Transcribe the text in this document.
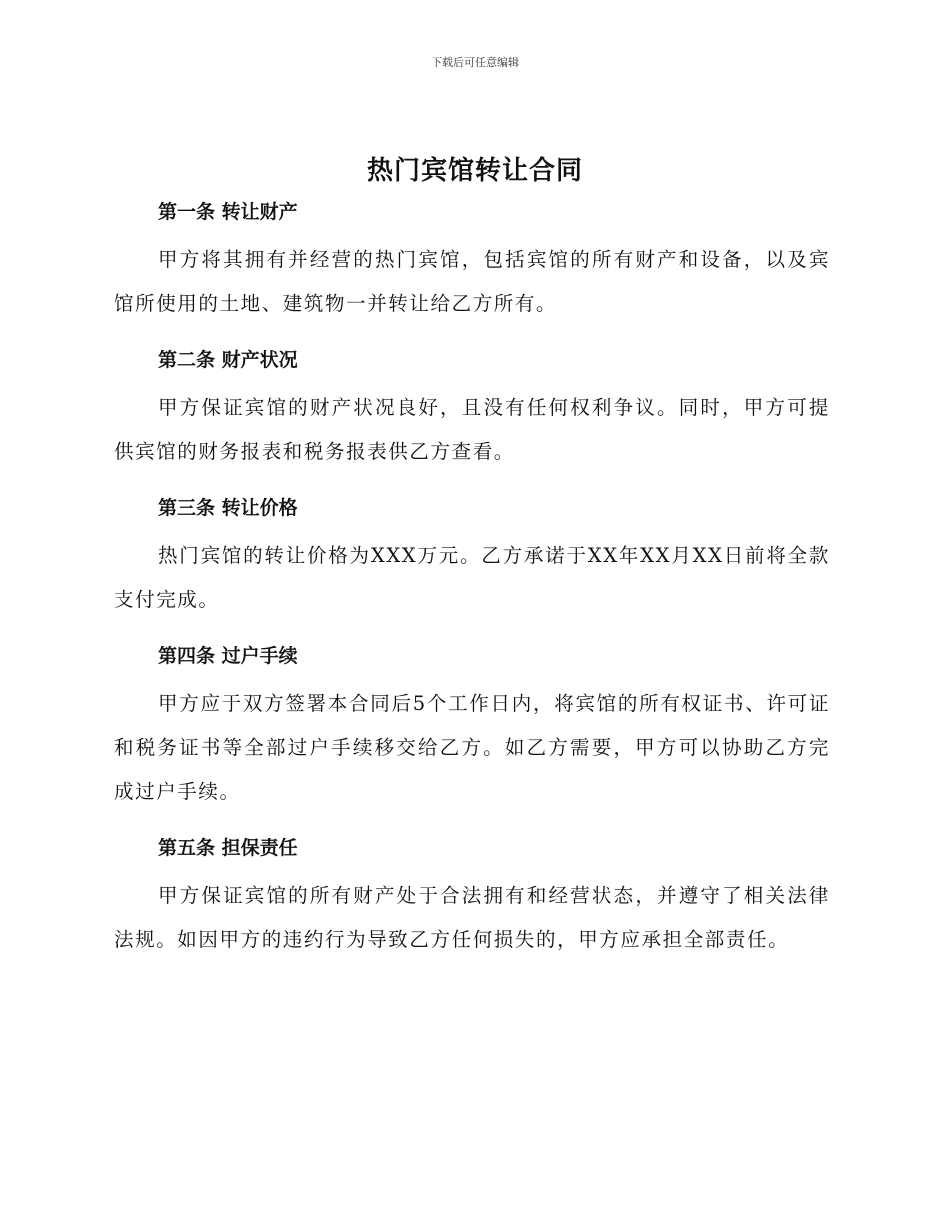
下载后可任意编辑
热门宾馆转让合同
第一条 转让财产

甲方将其拥有并经营的热门宾馆，包括宾馆的所有财产和设备，以及宾馆所使用的土地、建筑物一并转让给乙方所有。

第二条 财产状况

甲方保证宾馆的财产状况良好，且没有任何权利争议。同时，甲方可提供宾馆的财务报表和税务报表供乙方查看。

第三条 转让价格

热门宾馆的转让价格为XXX万元。乙方承诺于XX年XX月XX日前将全款支付完成。

第四条 过户手续

甲方应于双方签署本合同后5个工作日内，将宾馆的所有权证书、许可证和税务证书等全部过户手续移交给乙方。如乙方需要，甲方可以协助乙方完成过户手续。

第五条 担保责任

甲方保证宾馆的所有财产处于合法拥有和经营状态，并遵守了相关法律法规。如因甲方的违约行为导致乙方任何损失的，甲方应承担全部责任。
